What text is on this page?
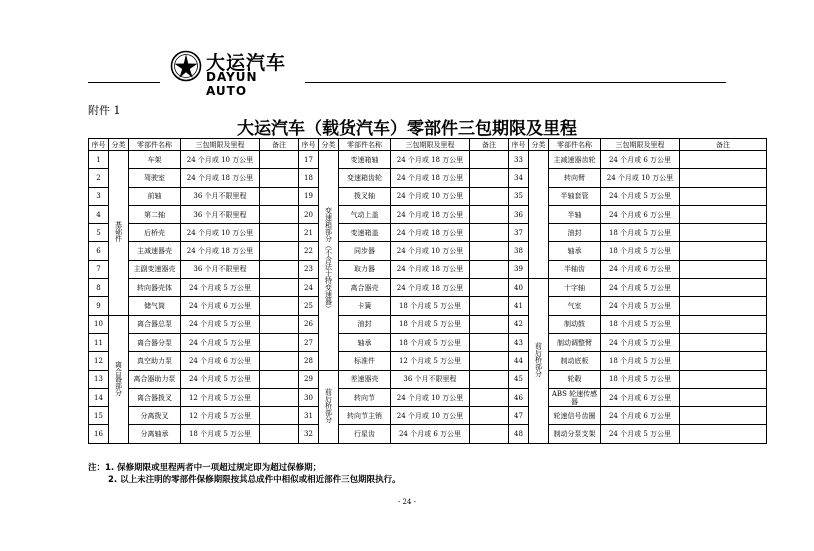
大运汽车
DAYUN AUTO
附件 1
大运汽车（载货汽车）零部件三包期限及里程
序号	分类	零部件名称	三包期限及里程	备注	序号	分类	零部件名称	三包期限及里程	备注	序号	分类	零部件名称	三包期限及里程	备注
1	基础件	车架	24 个月或 10 万公里		17	变速箱部分（不含法士特变速器）	变速箱轴	24 个月或 18 万公里		33		主减速器齿轮	24 个月或 6 万公里	
2		驾驶室	24 个月或 18 万公里		18		变速箱齿轮	24 个月或 18 万公里		34		转向臂	24 个月或 10 万公里	
3		前轴	36 个月不限里程		19		拨叉轴	24 个月或 10 万公里		35		半轴套管	24 个月或 5 万公里	
4		第二轴	36 个月不限里程		20		气动上盖	24 个月或 18 万公里		36		半轴	24 个月或 6 万公里	
5		后桥壳	24 个月或 10 万公里		21		变速箱盖	24 个月或 18 万公里		37		油封	18 个月或 5 万公里	
6		主减速器壳	24 个月或 18 万公里		22		同步器	24 个月或 10 万公里		38		轴承	18 个月或 5 万公里	
7		主副变速器壳	36 个月不限里程		23		取力器	24 个月或 18 万公里		39		半轴齿	24 个月或 6 万公里	
8		转向器壳体	24 个月或 5 万公里		24		离合器壳	24 个月或 18 万公里		40	前后桥部分	十字轴	24 个月或 5 万公里	
9		储气筒	24 个月或 6 万公里		25		卡簧	18 个月或 5 万公里		41		气室	24 个月或 5 万公里	
10	离合器部分	离合器总泵	24 个月或 5 万公里		26		油封	18 个月或 5 万公里		42		制动鼓	18 个月或 5 万公里	
11		离合器分泵	24 个月或 5 万公里		27		轴承	18 个月或 5 万公里		43		制动调整臂	24 个月或 5 万公里	
12		真空助力泵	24 个月或 6 万公里		28		标准件	12 个月或 5 万公里		44		制动底板	18 个月或 5 万公里	
13		离合器助力泵	24 个月或 5 万公里		29	前后桥部分	差速器壳	36 个月不限里程		45		轮毂	18 个月或 5 万公里	
14		离合器拨叉	12 个月或 5 万公里		30		转向节	24 个月或 10 万公里		46		ABS 轮速传感器	24 个月或 6 万公里	
15		分离拨叉	12 个月或 5 万公里		31		转向节主销	24 个月或 10 万公里		47		轮速信号齿圈	24 个月或 6 万公里	
16		分离轴承	18 个月或 5 万公里		32		行星齿	24 个月或 6 万公里		48		制动分泵支架	24 个月或 5 万公里	
注：1. 保修期限或里程两者中一项超过规定即为超过保修期；
2. 以上未注明的零部件保修期限按其总成件中相似或相近部件三包期限执行。
- 24 -
